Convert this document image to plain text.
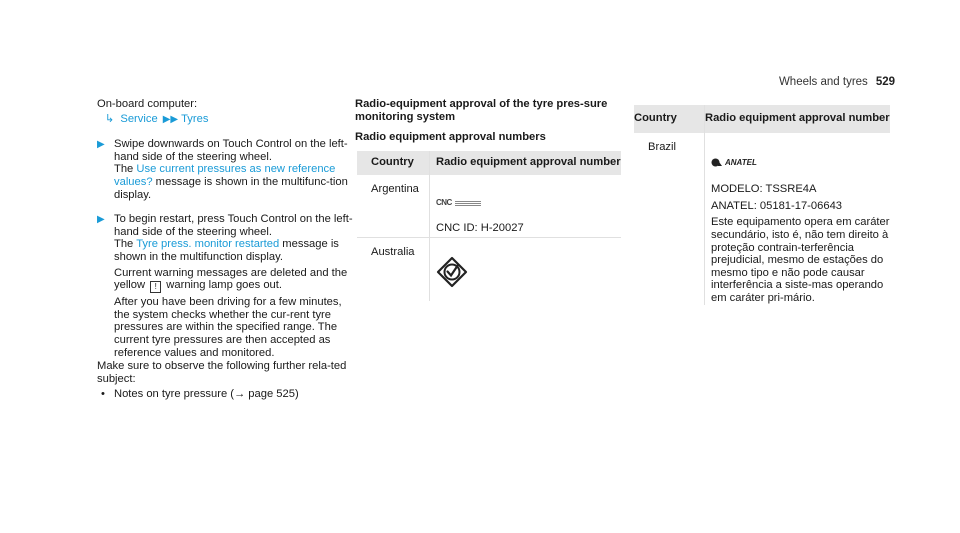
Wheels and tyres 529

On-board computer:

↳ Service ▶▶ Tyres

▶ Swipe downwards on Touch Control on the left-hand side of the steering wheel.
The Use current pressures as new reference values? message is shown in the multifunc-tion display.

▶ To begin restart, press Touch Control on the left-hand side of the steering wheel.
The Tyre press. monitor restarted message is shown in the multifunction display.

Current warning messages are deleted and the yellow ! warning lamp goes out.

After you have been driving for a few minutes, the system checks whether the cur-rent tyre pressures are within the specified range. The current tyre pressures are then accepted as reference values and monitored.

Make sure to observe the following further rela-ted subject:

• Notes on tyre pressure (→ page 525)

Radio-equipment approval of the tyre pres-sure monitoring system

Radio equipment approval numbers

Country	Radio equipment approval number
Argentina	CNC
CNC ID: H-20027

Australia	
Country	Radio equipment approval number
Brazil	ANATEL
MODELO: TSSRE4A
ANATEL: 05181-17-06643
Este equipamento opera em caráter secundário, isto é, não tem direito à proteção contrain-terferência prejudicial, mesmo de estações do mesmo tipo e não pode causar interferência a siste-mas operando em caráter pri-mário.
